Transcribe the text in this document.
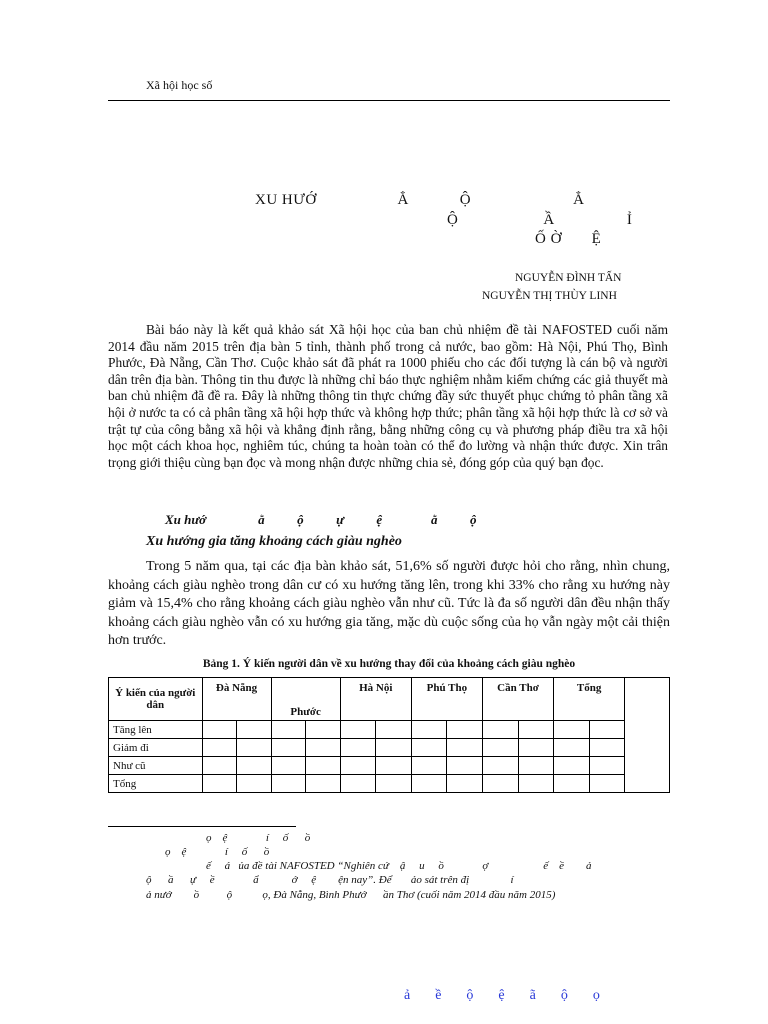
Xã hội học số
XU HƯỚ                   Ẳ            Ộ                        Ẳ
Ộ                    Ầ                 Ỉ
Ố Ờ       Ệ
NGUYỄN ĐÌNH TẤN
NGUYỄN THỊ THÙY LINH

Bài báo này là kết quả khảo sát Xã hội học của ban chủ nhiệm đề tài NAFOSTED cuối năm 2014 đầu năm 2015 trên địa bàn 5 tỉnh, thành phố trong cả nước, bao gồm: Hà Nội, Phú Thọ, Bình Phước, Đà Nẵng, Cần Thơ. Cuộc khảo sát đã phát ra 1000 phiếu cho các đối tượng là cán bộ và người dân trên địa bàn. Thông tin thu được là những chỉ báo thực nghiệm nhằm kiểm chứng các giả thuyết mà ban chủ nhiệm đã đề ra. Đây là những thông tin thực chứng đầy sức thuyết phục chứng tỏ phân tầng xã hội ở nước ta có cả phân tầng xã hội hợp thức và không hợp thức; phân tầng xã hội hợp thức là cơ sở và trật tự của công bằng xã hội và khẳng định rằng, bằng những công cụ và phương pháp điều tra xã hội học một cách khoa học, nghiêm túc, chúng ta hoàn toàn có thể đo lường và nhận thức được. Xin trân trọng giới thiệu cùng bạn đọc và mong nhận được những chia sẻ, đóng góp của quý bạn đọc.

Xu hướ                ằ          ộ          ự          ệ               ằ          ộ
Xu hướng gia tăng khoảng cách giàu nghèo

Trong 5 năm qua, tại các địa bàn khảo sát, 51,6% số người được hỏi cho rằng, nhìn chung, khoảng cách giàu nghèo trong dân cư có xu hướng tăng lên, trong khi 33% cho rằng xu hướng này giảm và 15,4% cho rằng khoảng cách giàu nghèo vẫn như cũ. Tức là đa số người dân đều nhận thấy khoảng cách giàu nghèo vẫn có xu hướng gia tăng, mặc dù cuộc sống của họ vẫn ngày một cải thiện hơn trước.

Bảng 1. Ý kiến người dân về xu hướng thay đổi của khoảng cách giàu nghèo
Ý kiến của người dân	Đà Nẵng		Phước		Hà Nội		Phú Thọ		Cần Thơ		Tổng		
Tăng lên													
Giảm đi													
Như cũ													
Tổng													
ọ    ệ              í     ố      ồ
ọ    ệ              í     ố      ồ
ế     á   ủa đề tài NAFOSTED “Nghiên cứ    ậ     u     ồ              ợ                    ế    ề        ả
ộ      ầ      ự     ề              ẩ            ớ     ệ        ện nay”. Để       ảo sát trên đị               í
ả nướ        ồ          ộ           ọ, Đà Nẵng, Bình Phướ      ần Thơ (cuối năm 2014 đầu năm 2015)
ả  ề  ộ  ệ  ã  ộ  ọ
